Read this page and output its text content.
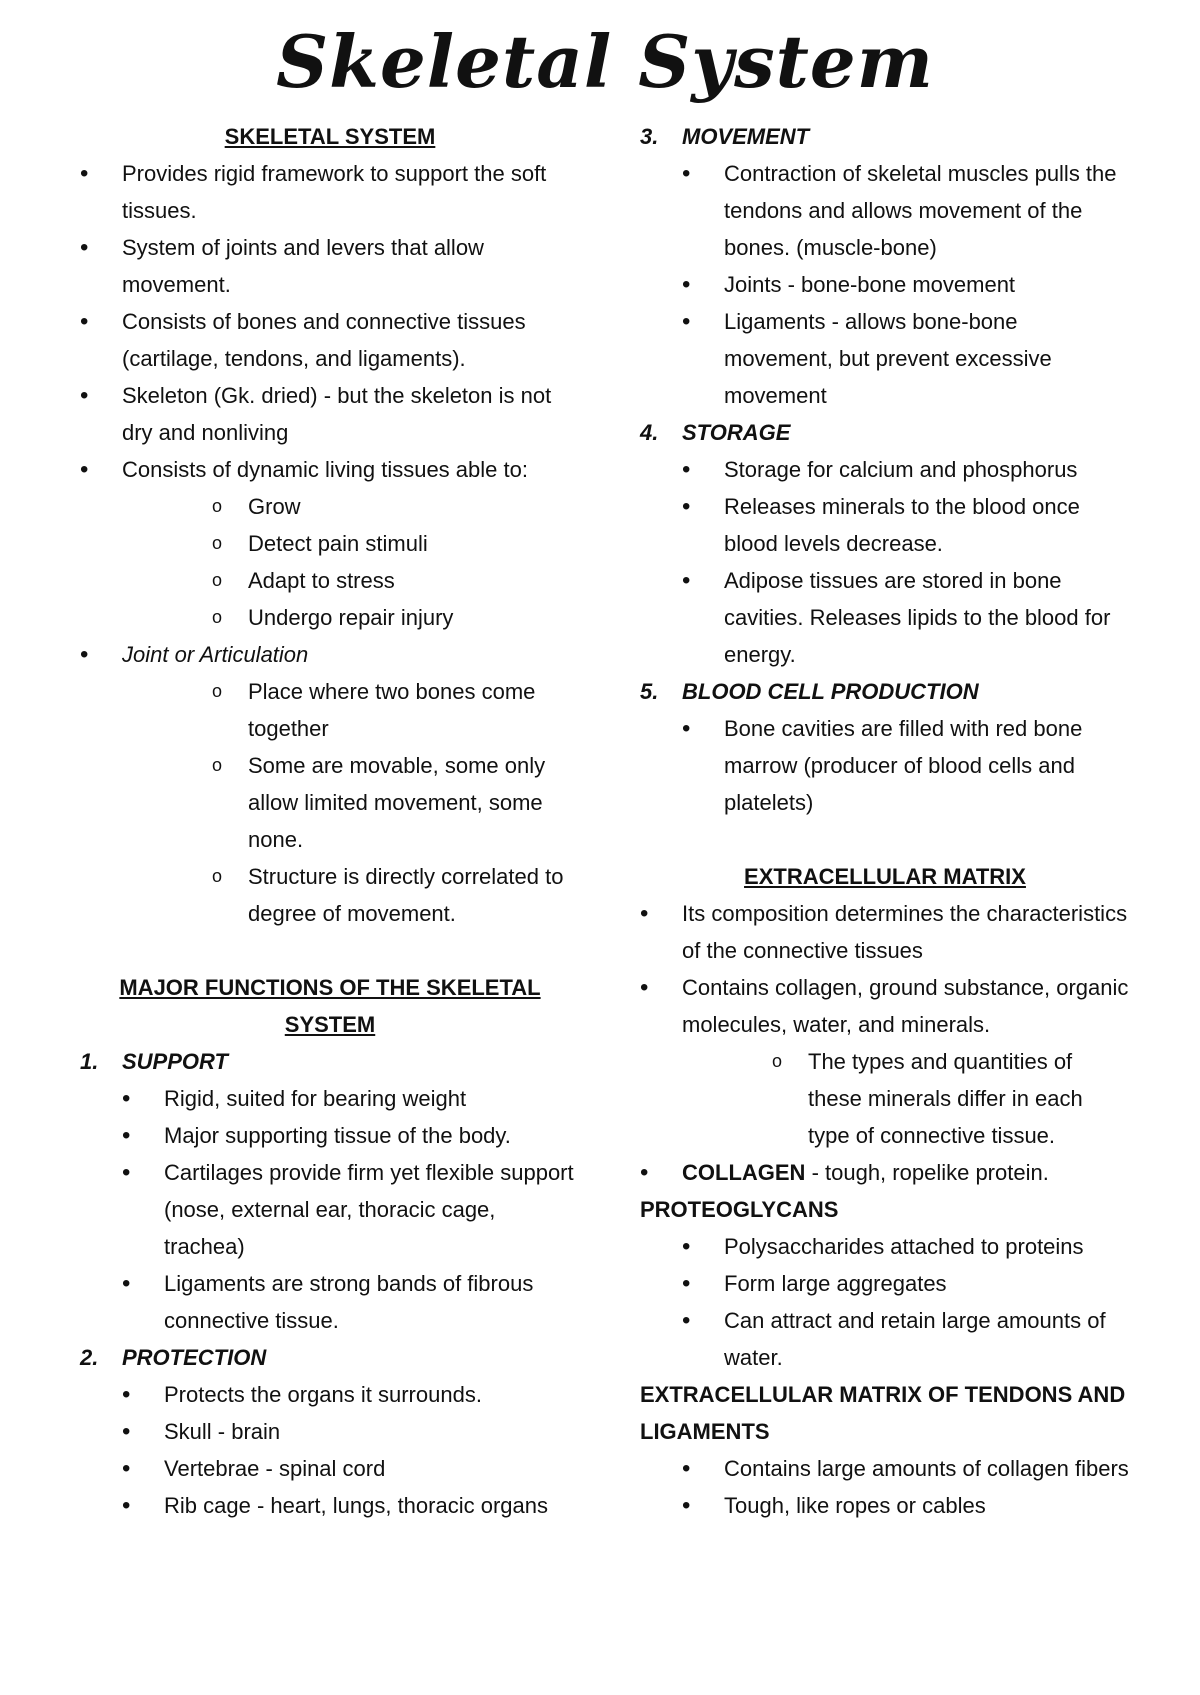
Skeletal System

SKELETAL SYSTEM

• Provides rigid framework to support the soft tissues.
• System of joints and levers that allow movement.
• Consists of bones and connective tissues (cartilage, tendons, and ligaments).
• Skeleton (Gk. dried) - but the skeleton is not dry and nonliving
• Consists of dynamic living tissues able to:
o Grow
o Detect pain stimuli
o Adapt to stress
o Undergo repair injury
• Joint or Articulation
o Place where two bones come together
o Some are movable, some only allow limited movement, some none.
o Structure is directly correlated to degree of movement.

MAJOR FUNCTIONS OF THE SKELETAL SYSTEM

1. SUPPORT
• Rigid, suited for bearing weight
• Major supporting tissue of the body.
• Cartilages provide firm yet flexible support (nose, external ear, thoracic cage, trachea)
• Ligaments are strong bands of fibrous connective tissue.
2. PROTECTION
• Protects the organs it surrounds.
• Skull - brain
• Vertebrae - spinal cord
• Rib cage - heart, lungs, thoracic organs
3. MOVEMENT
• Contraction of skeletal muscles pulls the tendons and allows movement of the bones. (muscle-bone)
• Joints - bone-bone movement
• Ligaments - allows bone-bone movement, but prevent excessive movement
4. STORAGE
• Storage for calcium and phosphorus
• Releases minerals to the blood once blood levels decrease.
• Adipose tissues are stored in bone cavities. Releases lipids to the blood for energy.
5. BLOOD CELL PRODUCTION
• Bone cavities are filled with red bone marrow (producer of blood cells and platelets)

EXTRACELLULAR MATRIX

• Its composition determines the characteristics of the connective tissues
• Contains collagen, ground substance, organic molecules, water, and minerals.
o The types and quantities of these minerals differ in each type of connective tissue.
• COLLAGEN - tough, ropelike protein.

PROTEOGLYCANS

• Polysaccharides attached to proteins
• Form large aggregates
• Can attract and retain large amounts of water.

EXTRACELLULAR MATRIX OF TENDONS AND LIGAMENTS

• Contains large amounts of collagen fibers
• Tough, like ropes or cables
